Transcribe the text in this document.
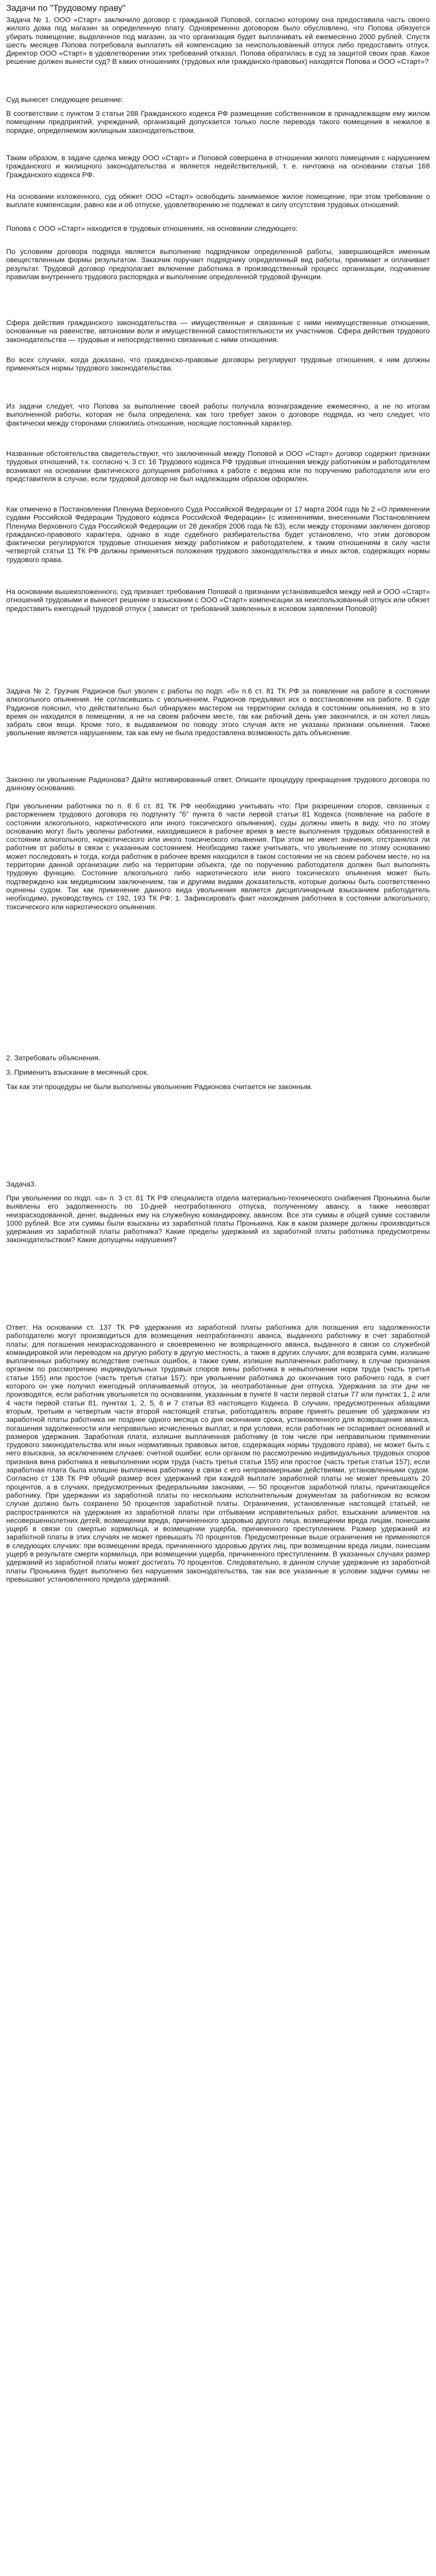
Задачи по "Трудовому праву"

Задача № 1. ООО «Старт» заключило договор с гражданкой Поповой, согласно которому она предоставила часть своего жилого дома под магазин за определенную плату. Одновременно договором было обусловлено, что Попова обязуется убирать помещение, выделенное под магазин, за что организация будет выплачивать ей ежемесячно 2000 рублей. Спустя шесть месяцев Попова потребовала выплатить ей компенсацию за неиспользованный отпуск либо предоставить отпуск. Директор ООО «Старт» в удовлетворении этих требований отказал. Попова обратилась в суд за защитой своих прав. Какое решение должен вынести суд? В каких отношениях (трудовых или гражданско-правовых) находятся Попова и ООО «Старт»?

Суд вынесет следующее решение:

В соответствии с пунктом 3 статьи 288 Гражданского кодекса РФ размещение собственником в принадлежащем ему жилом помещении предприятий, учреждений, организаций допускается только после перевода такого помещения в нежилое в порядке, определяемом жилищным законодательством.

Таким образом, в задаче сделка между ООО «Старт» и Поповой совершена в отношении жилого помещения с нарушением гражданского и жилищного законодательства и является недействительной, т. е. ничтожна на основании статьи 168 Гражданского кодекса РФ.

На основании изложенного, суд обяжет ООО «Старт» освободить занимаемое жилое помещение, при этом требование о выплате компенсации, равно как и об отпуске, удовлетворению не подлежат в силу отсутствия трудовых отношений.

Попова с ООО «Старт» находится в трудовых отношениях, на основании следующего:

По условиям договора подряда является выполнение подрядчиком определенной работы, завершающейся именным овеществленным формы результатом. Заказчик поручает подрядчику определенный вид работы, принимает и оплачивает результат. Трудовой договор предполагает включение работника в производственный процесс организации, подчинение правилам внутреннего трудового распорядка и выполнение определенной трудовой функции.

Сфера действия гражданского законодательства — имущественные и связанные с ними неимущественные отношения, основанные на равенстве, автономии воли и имущественной самостоятельности их участников. Сфера действия трудового законодательства — трудовые и непосредственно связанные с ними отношения.

Во всех случаях, когда доказано, что гражданско-правовые договоры регулируют трудовые отношения, к ним должны применяться нормы трудового законодательства.

Из задачи следует, что Попова за выполнение своей работы получала вознаграждение ежемесячно, а не по итогам выполненной работы, которая не была определена, как того требует закон о договоре подряда, из чего следует, что фактически между сторонами сложились отношения, носящие постоянный характер.

Названные обстоятельства свидетельствуют, что заключенный между Поповой и ООО «Старт» договор содержит признаки трудовых отношений, т.к. согласно ч. 3 ст. 16 Трудового кодекса РФ трудовые отношения между работником и работодателем возникают на основании фактического допущения работника к работе с ведома или по поручению работодателя или его представителя в случае, если трудовой договор не был надлежащим образом оформлен.

Как отмечено в Постановлении Пленума Верховного Суда Российской Федерации от 17 марта 2004 года № 2 «О применении судами Российской Федерации Трудового кодекса Российской Федерации» (с изменениями, внесенными Постановлением Пленума Верховного Суда Российской Федерации от 28 декабря 2006 года № 63), если между сторонами заключен договор гражданско-правового характера, однако в ходе судебного разбирательства будет установлено, что этим договором фактически регулируются трудовые отношения между работником и работодателем, к таким отношениям в силу части четвертой статьи 11 ТК РФ должны применяться положения трудового законодательства и иных актов, содержащих нормы трудового права.

На основании вышеизложенного, суд признает требования Поповой о признании установившейся между ней и ООО «Старт» отношений трудовыми и вынесет решение о взыскании с ООО «Старт» компенсации за неиспользованный отпуск или обязет предоставить ежегодный трудовой отпуск ( зависит от требований заявленных в исковом заявлении Поповой)

Задача № 2. Грузчик Радионов был уволен с работы по подп. «б» п.6 ст. 81 ТК РФ за появление на работе в состоянии алкогольного опьянения. Не согласившись с увольнением, Радионов предъявил иск о восстановлении на работе. В суде Радионов пояснил, что действительно был обнаружен мастером на территории склада в состоянии опьянения, но в это время он находился в помещении, а не на своем рабочем месте, так как рабочий день уже закончился, и он хотел лишь забрать свои вещи. Кроме того, в выдаваемом по поводу этого случая акте не указаны признаки опьянения. Также увольнение является нарушением, так как ему не была предоставлена возможность дать объяснение.

Законно ли увольнение Радионова? Дайте мотивированный ответ. Опишите процедуру прекращения трудового договора по данному основанию.

При увольнении работника по п. 6 б ст. 81 ТК РФ необходимо учитывать что: При разрешении споров, связанных с расторжением трудового договора по подпункту "б" пункта 6 части первой статьи 81 Кодекса (появление на работе в состоянии алкогольного, наркотического или иного токсического опьянения), суды должны иметь в виду, что по этому основанию могут быть уволены работники, находившиеся в рабочее время в месте выполнения трудовых обязанностей в состоянии алкогольного, наркотического или иного токсического опьянения. При этом не имеет значения, отстранялся ли работник от работы в связи с указанным состоянием. Необходимо также учитывать, что увольнение по этому основанию может последовать и тогда, когда работник в рабочее время находился в таком состоянии не на своем рабочем месте, но на территории данной организации либо на территории объекта, где по поручению работодателя должен был выполнять трудовую функцию. Состояние алкогольного либо наркотического или иного токсического опьянения может быть подтверждено как медицинским заключением, так и другими видами доказательств, которые должны быть соответственно оценены судом. Так как применение данного вида увольнения является дисциплинарным взысканием работодатель необходимо, руководствуясь ст 192, 193 ТК РФ: 1. Зафиксировать факт нахождения работника в состоянии алкогольного, токсического или наркотического опьянения.

2. Затребовать объяснения.

3. Применить взыскание в месячный срок.

Так как эти процедуры не были выполнены увольнение Радионова считается не законным.

Задача3.

При увольнении по подп. «а» п. 3 ст. 81 ТК РФ специалиста отдела материально-технического снабжения Пронькина были выявлены его задолженность по 10-дней неотработанного отпуска, полученному авансу, а также невозврат неизрасходованной, денег, выданных ему на служебную командировку, авансом. Все эти суммы в общей сумме составили 1000 рублей. Все эти суммы были взысканы из заработной платы Пронькина. Как в каком размере должны производиться удержания из заработной платы работника? Какие пределы удержаний из заработной платы работника предусмотрены законодательством? Какие допущены нарушения?

Ответ: На основании ст. 137 ТК РФ удержания из заработной платы работника для погашения его задолженности работодателю могут производиться для возмещения неотработанного аванса, выданного работнику в счет заработной платы; для погашения неизрасходованного и своевременно не возвращенного аванса, выданного в связи со служебной командировкой или переводом на другую работу в другую местность, а также в других случаях; для возврата сумм, излишне выплаченных работнику вследствие счетных ошибок, а также сумм, излишне выплаченных работнику, в случае признания органом по рассмотрению индивидуальных трудовых споров вины работника в невыполнении норм труда (часть третья статьи 155) или простое (часть третья статьи 157); при увольнении работника до окончания того рабочего года, в счет которого он уже получил ежегодный оплачиваемый отпуск, за неотработанные дни отпуска. Удержания за эти дни не производятся, если работник увольняется по основаниям, указанным в пункте 8 части первой статьи 77 или пунктах 1, 2 или 4 части первой статьи 81, пунктах 1, 2, 5, 6 и 7 статьи 83 настоящего Кодекса. В случаях, предусмотренных абзацами вторым, третьим и четвертым части второй настоящей статьи, работодатель вправе принять решение об удержании из заработной платы работника не позднее одного месяца со дня окончания срока, установленного для возвращения аванса, погашения задолженности или неправильно исчисленных выплат, и при условии, если работник не оспаривает оснований и размеров удержания. Заработная плата, излишне выплаченная работнику (в том числе при неправильном применении трудового законодательства или иных нормативных правовых актов, содержащих нормы трудового права), не может быть с него взыскана, за исключением случаев: счетной ошибки; если органом по рассмотрению индивидуальных трудовых споров признана вина работника в невыполнении норм труда (часть третья статьи 155) или простое (часть третья статьи 157); если заработная плата была излишне выплачена работнику в связи с его неправомерными действиями, установленными судом. Согласно ст 138 ТК РФ общий размер всех удержаний при каждой выплате заработной платы не может превышать 20 процентов, а в случаях, предусмотренных федеральными законами, — 50 процентов заработной платы, причитающейся работнику. При удержании из заработной платы по нескольким исполнительным документам за работником во всяком случае должно быть сохранено 50 процентов заработной платы. Ограничения, установленные настоящей статьей, не распространяются на удержания из заработной платы при отбывании исправительных работ, взыскании алиментов на несовершеннолетних детей, возмещении вреда, причиненного здоровью другого лица, возмещении вреда лицам, понесшим ущерб в связи со смертью кормильца, и возмещении ущерба, причиненного преступлением. Размер удержаний из заработной платы в этих случаях не может превышать 70 процентов. Предусмотренные выше ограничения не применяются в следующих случаях: при возмещении вреда, причиненного здоровью других лиц, при возмещении вреда лицам, понесшим ущерб в результате смерти кормильца, при возмещении ущерба, причиненного преступлением. В указанных случаях размер удержаний из заработной платы может достигать 70 процентов. Следовательно, в данном случае удержание из заработной платы Пронькина будет выполнено без нарушения законодательства, так как все указанные в условии задачи суммы не превышают установленного предела удержаний.
